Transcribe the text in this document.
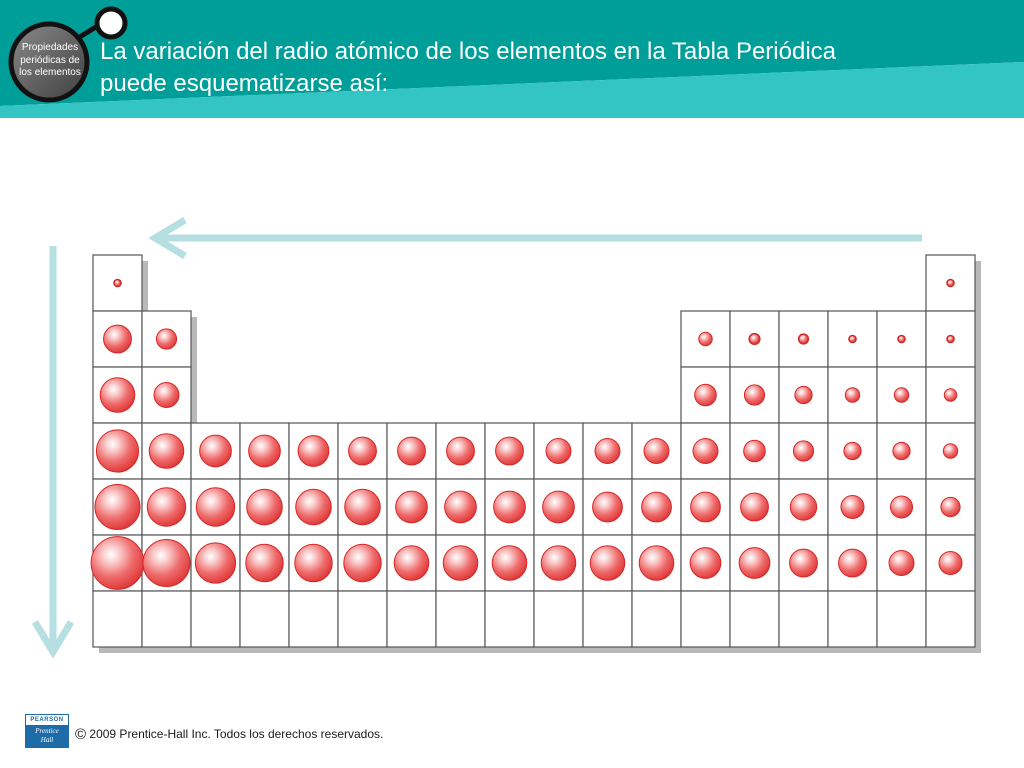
Propiedades
periódicas de
los elementos
La variación del radio atómico de los elementos en la Tabla Periódica
puede esquematizarse así:
PEARSON
Prentice
Hall	© 2009 Prentice-Hall Inc. Todos los derechos reservados.
